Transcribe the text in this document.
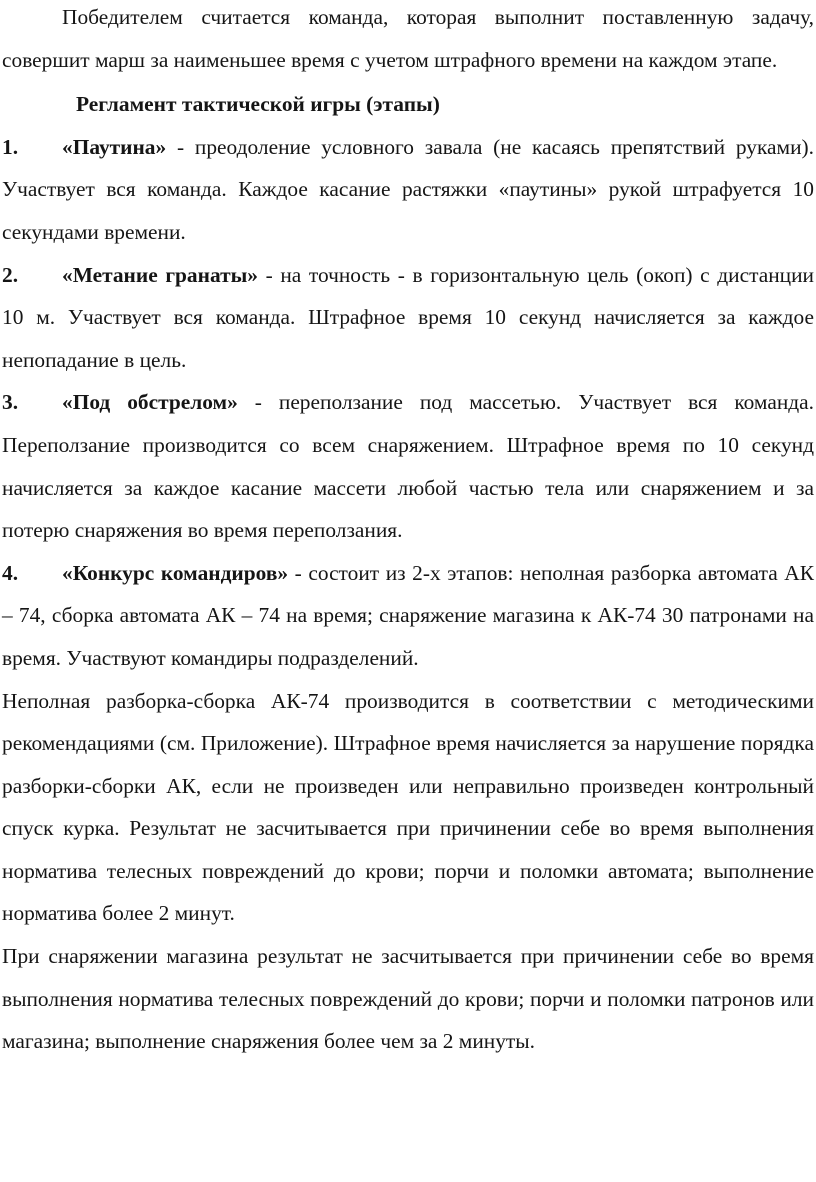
Победителем считается команда, которая выполнит поставленную задачу, совершит марш за наименьшее время с учетом штрафного времени на каждом этапе.

Регламент тактической игры (этапы)

1. «Паутина» - преодоление условного завала (не касаясь препятствий руками). Участвует вся команда. Каждое касание растяжки «паутины» рукой штрафуется 10 секундами времени.

2. «Метание гранаты» - на точность - в горизонтальную цель (окоп) с дистанции 10 м. Участвует вся команда. Штрафное время 10 секунд начисляется за каждое непопадание в цель.

3. «Под обстрелом» - переползание под массетью. Участвует вся команда. Переползание производится со всем снаряжением. Штрафное время по 10 секунд начисляется за каждое касание массети любой частью тела или снаряжением и за потерю снаряжения во время переползания.

4. «Конкурс командиров» - состоит из 2-х этапов: неполная разборка автомата АК – 74, сборка автомата АК – 74 на время; снаряжение магазина к АК-74 30 патронами на время. Участвуют командиры подразделений.

Неполная разборка-сборка АК-74 производится в соответствии с методическими рекомендациями (см. Приложение). Штрафное время начисляется за нарушение порядка разборки-сборки АК, если не произведен или неправильно произведен контрольный спуск курка. Результат не засчитывается при причинении себе во время выполнения норматива телесных повреждений до крови; порчи и поломки автомата; выполнение норматива более 2 минут.

При снаряжении магазина результат не засчитывается при причинении себе во время выполнения норматива телесных повреждений до крови; порчи и поломки патронов или магазина; выполнение снаряжения более чем за 2 минуты.
